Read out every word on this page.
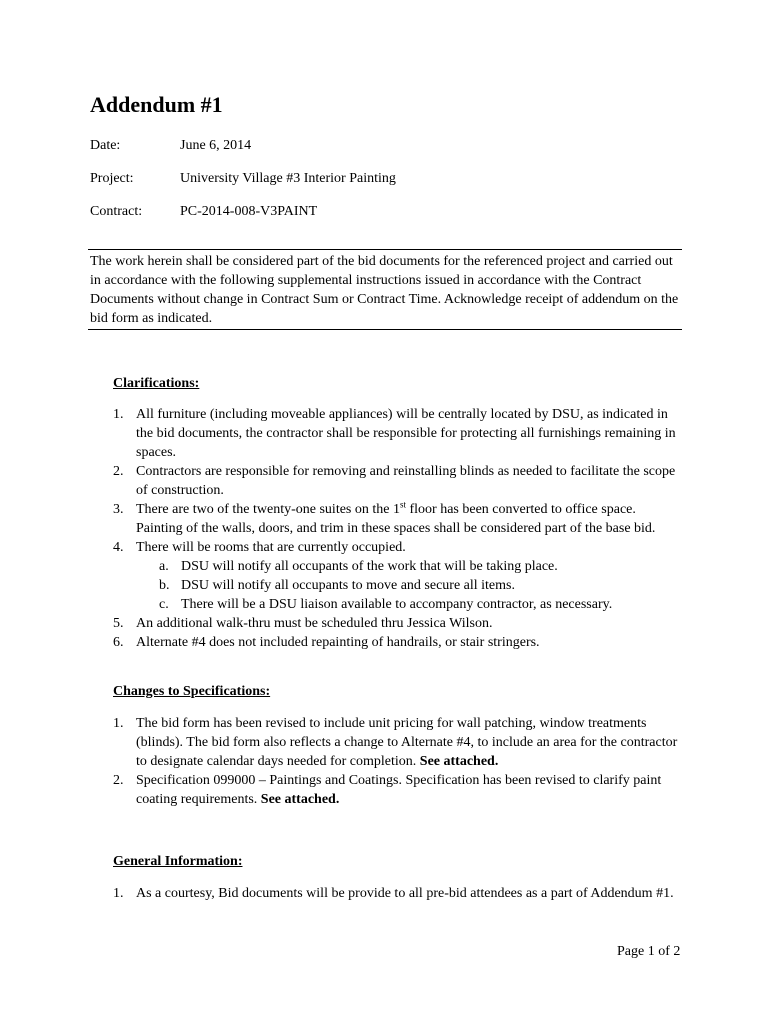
Addendum #1
Date:	June 6, 2014
Project:	University Village #3 Interior Painting
Contract:	PC-2014-008-V3PAINT

The work herein shall be considered part of the bid documents for the referenced project and carried out in accordance with the following supplemental instructions issued in accordance with the Contract Documents without change in Contract Sum or Contract Time. Acknowledge receipt of addendum on the bid form as indicated.

Clarifications:
1. All furniture (including moveable appliances) will be centrally located by DSU, as indicated in the bid documents, the contractor shall be responsible for protecting all furnishings remaining in spaces.
2. Contractors are responsible for removing and reinstalling blinds as needed to facilitate the scope of construction.
3. There are two of the twenty-one suites on the 1st floor has been converted to office space. Painting of the walls, doors, and trim in these spaces shall be considered part of the base bid.
4. There will be rooms that are currently occupied.
a. DSU will notify all occupants of the work that will be taking place.
b. DSU will notify all occupants to move and secure all items.
c. There will be a DSU liaison available to accompany contractor, as necessary.
5. An additional walk-thru must be scheduled thru Jessica Wilson.
6. Alternate #4 does not included repainting of handrails, or stair stringers.
Changes to Specifications:
1. The bid form has been revised to include unit pricing for wall patching, window treatments (blinds). The bid form also reflects a change to Alternate #4, to include an area for the contractor to designate calendar days needed for completion. See attached.
2. Specification 099000 – Paintings and Coatings. Specification has been revised to clarify paint coating requirements. See attached.
General Information:
1. As a courtesy, Bid documents will be provide to all pre-bid attendees as a part of Addendum #1.
Page 1 of 2
